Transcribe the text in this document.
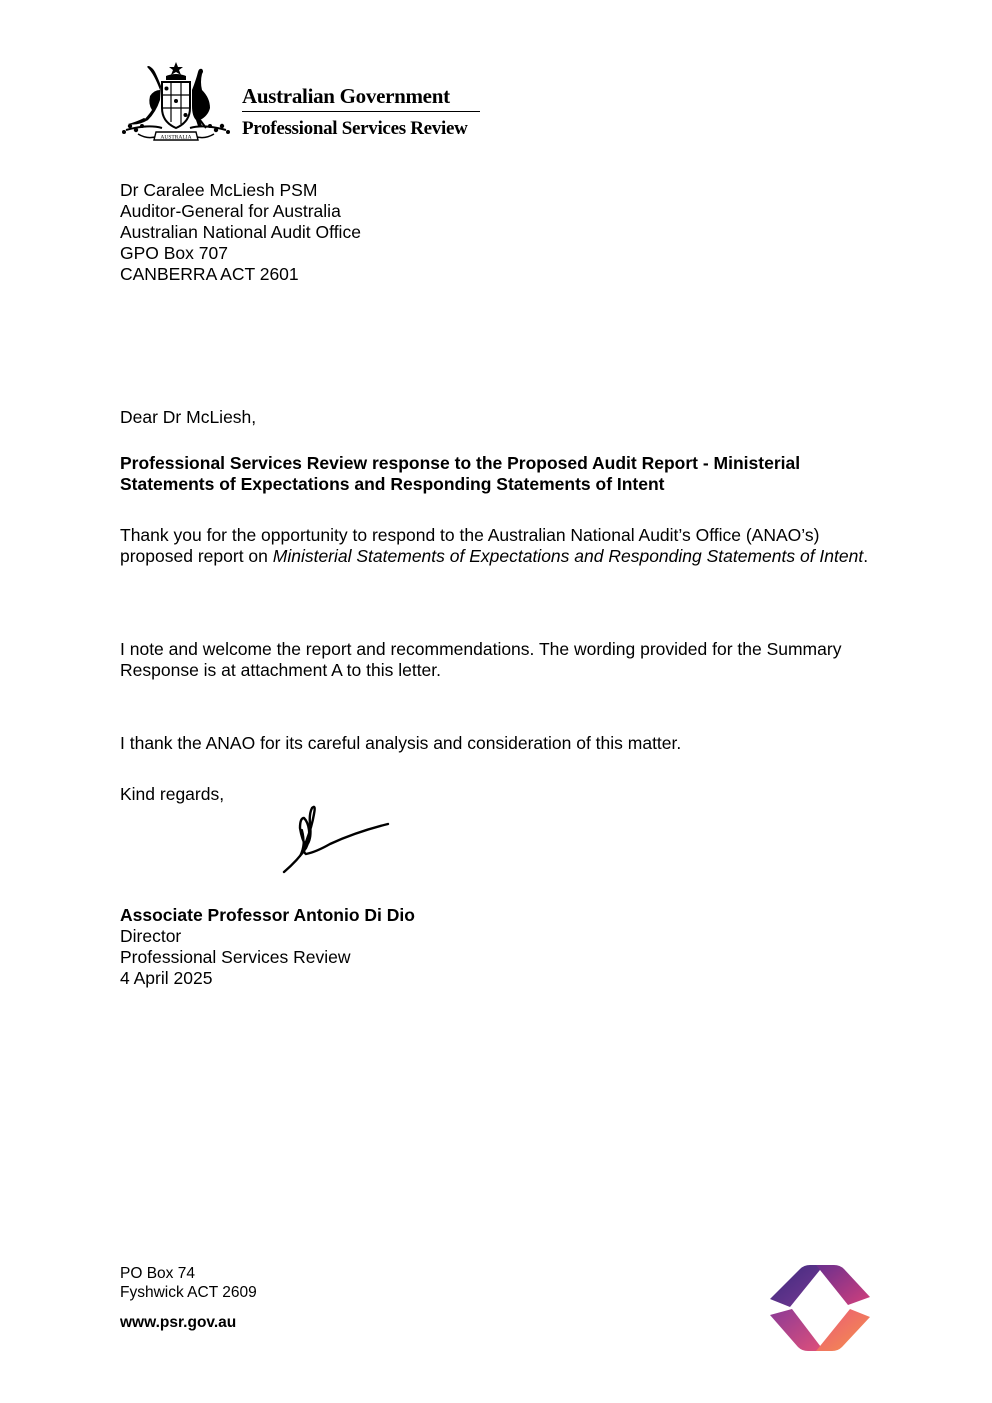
AUSTRALIA
Australian Government
Professional Services Review
Dr Caralee McLiesh PSM
Auditor-General for Australia
Australian National Audit Office
GPO Box 707
CANBERRA ACT 2601

Dear Dr McLiesh,

Professional Services Review response to the Proposed Audit Report - Ministerial Statements of Expectations and Responding Statements of Intent

Thank you for the opportunity to respond to the Australian National Audit’s Office (ANAO’s) proposed report on Ministerial Statements of Expectations and Responding Statements of Intent.

I note and welcome the report and recommendations. The wording provided for the Summary Response is at attachment A to this letter.

I thank the ANAO for its careful analysis and consideration of this matter.

Kind regards,

Associate Professor Antonio Di Dio
Director
Professional Services Review
4 April 2025
PO Box 74
Fyshwick ACT 2609
www.psr.gov.au
